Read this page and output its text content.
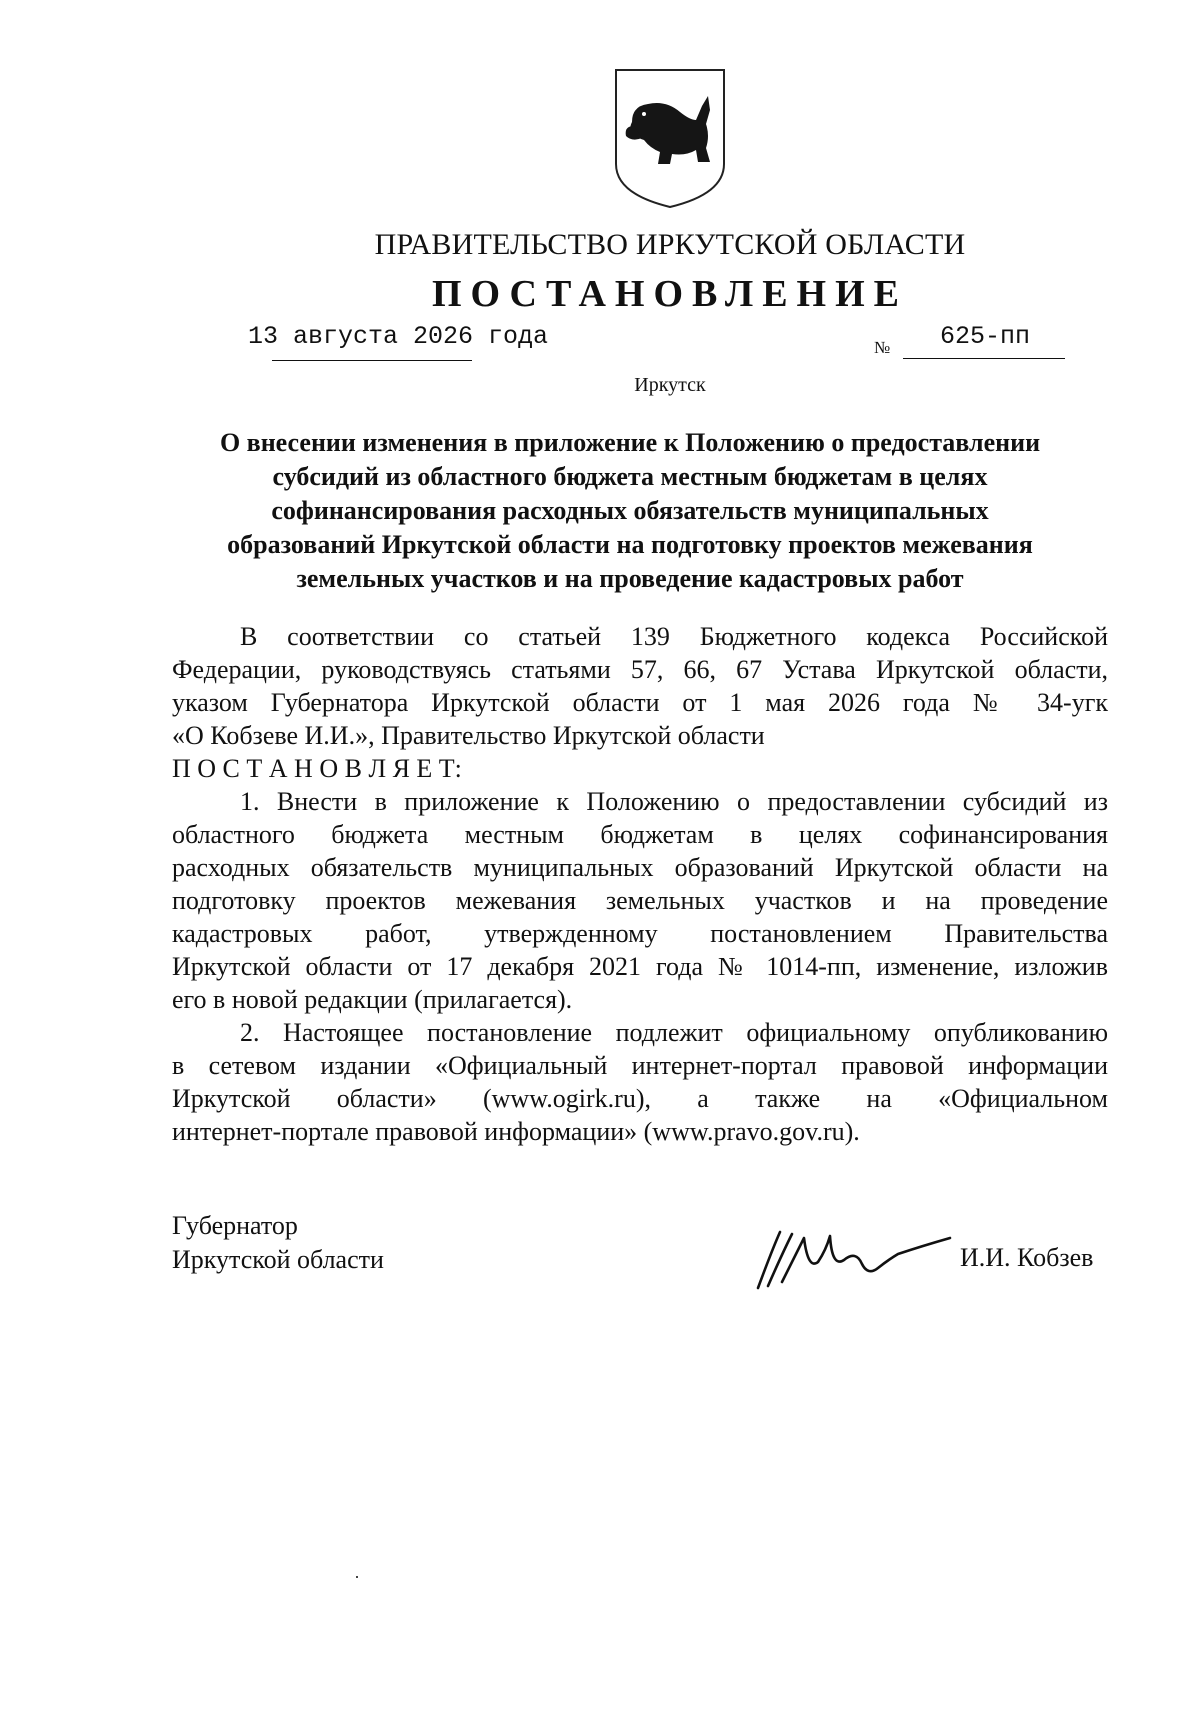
ПРАВИТЕЛЬСТВО ИРКУТСКОЙ ОБЛАСТИ
ПОСТАНОВЛЕНИЕ
13 августа 2026 года	№ 625-пп
Иркутск
О внесении изменения в приложение к Положению о предоставлении
субсидий из областного бюджета местным бюджетам в целях
софинансирования расходных обязательств муниципальных
образований Иркутской области на подготовку проектов межевания
земельных участков и на проведение кадастровых работ

В соответствии со статьей 139 Бюджетного кодекса Российской

Федерации, руководствуясь статьями 57, 66, 67 Устава Иркутской области,

указом Губернатора Иркутской области от 1 мая 2026 года № 34-угк

«О Кобзеве И.И.», Правительство Иркутской области

П О С Т А Н О В Л Я Е Т:

1. Внести в приложение к Положению о предоставлении субсидий из

областного бюджета местным бюджетам в целях софинансирования

расходных обязательств муниципальных образований Иркутской области на

подготовку проектов межевания земельных участков и на проведение

кадастровых работ, утвержденному постановлением Правительства

Иркутской области от 17 декабря 2021 года № 1014-пп, изменение, изложив

его в новой редакции (прилагается).

2. Настоящее постановление подлежит официальному опубликованию

в сетевом издании «Официальный интернет-портал правовой информации

Иркутской области» (www.ogirk.ru), а также на «Официальном

интернет-портале правовой информации» (www.pravo.gov.ru).

Губернатор
Иркутской области	И.И. Кобзев
